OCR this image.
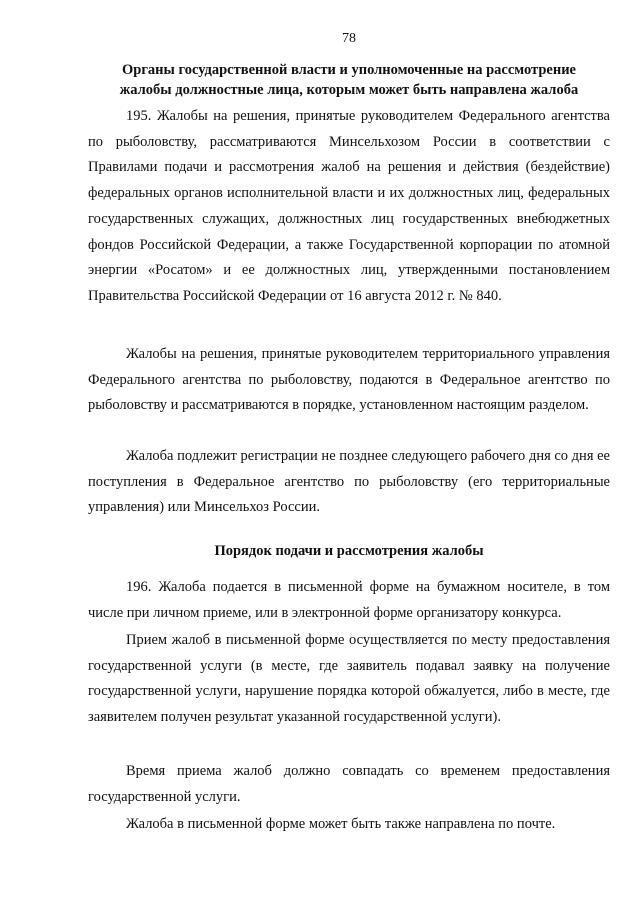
78
Органы государственной власти и уполномоченные на рассмотрение
жалобы должностные лица, которым может быть направлена жалоба

195. Жалобы на решения, принятые руководителем Федерального агентства по рыболовству, рассматриваются Минсельхозом России в соответствии с Правилами подачи и рассмотрения жалоб на решения и действия (бездействие) федеральных органов исполнительной власти и их должностных лиц, федеральных государственных служащих, должностных лиц государственных внебюджетных фондов Российской Федерации, а также Государственной корпорации по атомной энергии «Росатом» и ее должностных лиц, утвержденными постановлением Правительства Российской Федерации от 16 августа 2012 г. № 840.

Жалобы на решения, принятые руководителем территориального управления Федерального агентства по рыболовству, подаются в Федеральное агентство по рыболовству и рассматриваются в порядке, установленном настоящим разделом.

Жалоба подлежит регистрации не позднее следующего рабочего дня со дня ее поступления в Федеральное агентство по рыболовству (его территориальные управления) или Минсельхоз России.

Порядок подачи и рассмотрения жалобы

196. Жалоба подается в письменной форме на бумажном носителе, в том числе при личном приеме, или в электронной форме организатору конкурса.

Прием жалоб в письменной форме осуществляется по месту предоставления государственной услуги (в месте, где заявитель подавал заявку на получение государственной услуги, нарушение порядка которой обжалуется, либо в месте, где заявителем получен результат указанной государственной услуги).

Время приема жалоб должно совпадать со временем предоставления государственной услуги.

Жалоба в письменной форме может быть также направлена по почте.
